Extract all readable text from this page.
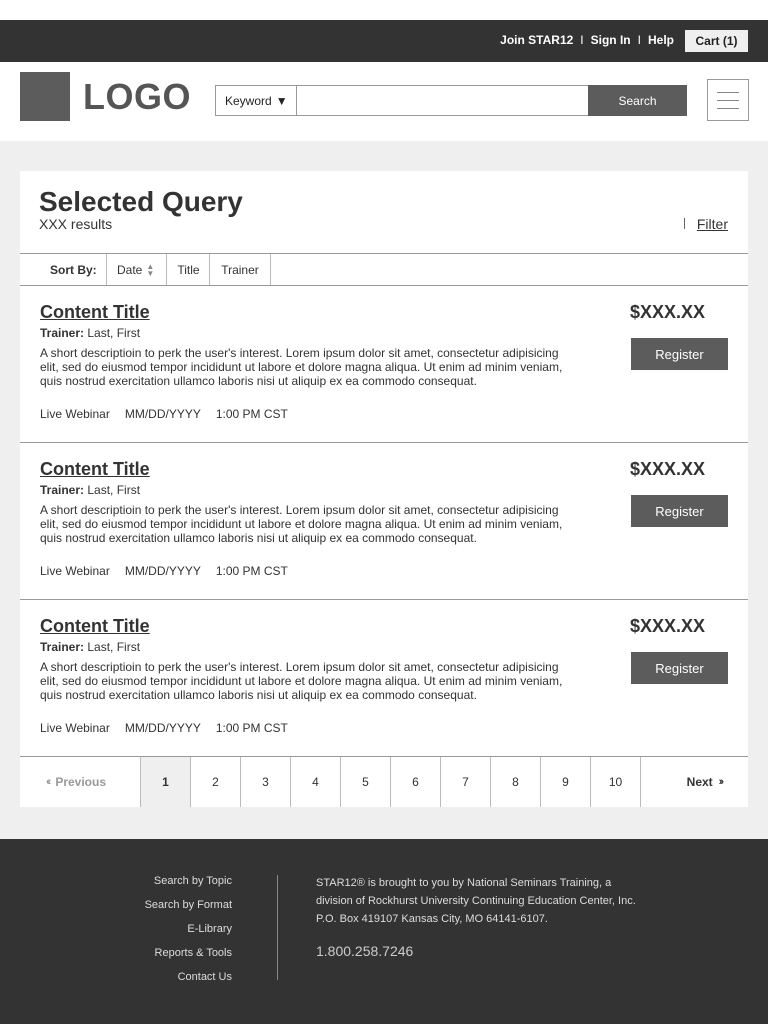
Join STAR12 I Sign In I Help	Cart (1)
LOGO	Keyword ▼	Search
Selected Query
XXX results	Filter
Sort By: Date ▲
▼	Title	Trainer
Content Title
Trainer: Last, First
A short descriptioin to perk the user's interest. Lorem ipsum dolor sit amet, consectetur adipisicing elit, sed do eiusmod tempor incididunt ut labore et dolore magna aliqua. Ut enim ad minim veniam, quis nostrud exercitation ullamco laboris nisi ut aliquip ex ea commodo consequat.
Live Webinar MM/DD/YYYY 1:00 PM CST
$XXX.XX
Register
Content Title
Trainer: Last, First
A short descriptioin to perk the user's interest. Lorem ipsum dolor sit amet, consectetur adipisicing elit, sed do eiusmod tempor incididunt ut labore et dolore magna aliqua. Ut enim ad minim veniam, quis nostrud exercitation ullamco laboris nisi ut aliquip ex ea commodo consequat.
Live Webinar MM/DD/YYYY 1:00 PM CST
$XXX.XX
Register
Content Title
Trainer: Last, First
A short descriptioin to perk the user's interest. Lorem ipsum dolor sit amet, consectetur adipisicing elit, sed do eiusmod tempor incididunt ut labore et dolore magna aliqua. Ut enim ad minim veniam, quis nostrud exercitation ullamco laboris nisi ut aliquip ex ea commodo consequat.
Live Webinar MM/DD/YYYY 1:00 PM CST
$XXX.XX
Register
‹‹ Previous	1	2	3	4	5	6	7	8	9	10	Next ››
Search by Topic
Search by Format
E-Library
Reports & Tools
Contact Us
STAR12® is brought to you by National Seminars Training, a
division of Rockhurst University Continuing Education Center, Inc.
P.O. Box 419107 Kansas City, MO 64141-6107.
1.800.258.7246
